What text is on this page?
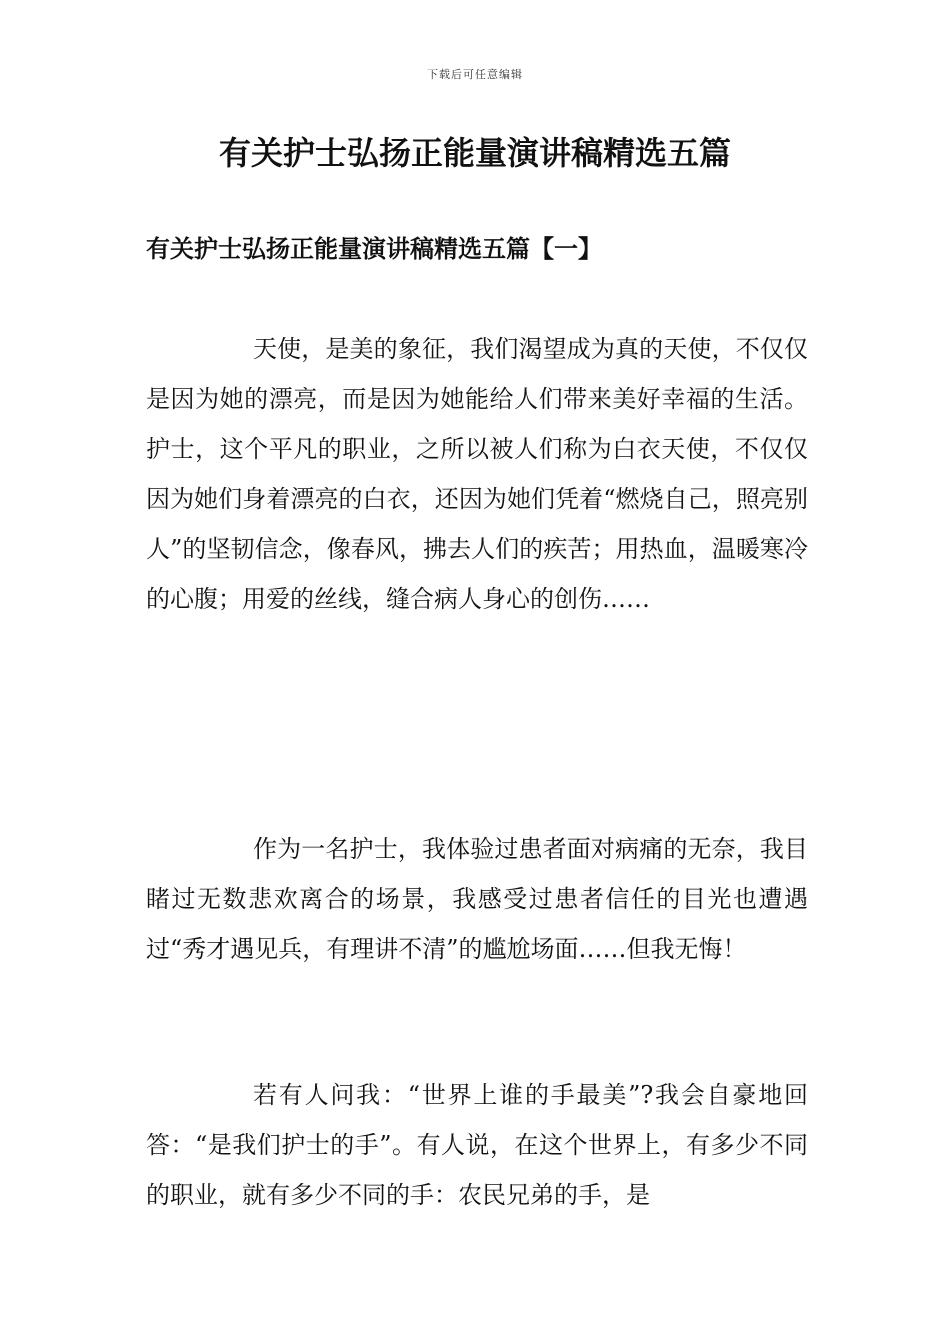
下载后可任意编辑
有关护士弘扬正能量演讲稿精选五篇
有关护士弘扬正能量演讲稿精选五篇【一】

天使，是美的象征，我们渴望成为真的天使，不仅仅是因为她的漂亮，而是因为她能给人们带来美好幸福的生活。护士，这个平凡的职业，之所以被人们称为白衣天使，不仅仅因为她们身着漂亮的白衣，还因为她们凭着“燃烧自己，照亮别人”的坚韧信念，像春风，拂去人们的疾苦；用热血，温暖寒冷的心腹；用爱的丝线，缝合病人身心的创伤……

作为一名护士，我体验过患者面对病痛的无奈，我目睹过无数悲欢离合的场景，我感受过患者信任的目光也遭遇过“秀才遇见兵，有理讲不清”的尴尬场面……但我无悔！

若有人问我：“世界上谁的手最美”?我会自豪地回答：“是我们护士的手”。有人说，在这个世界上，有多少不同的职业，就有多少不同的手：农民兄弟的手，是
